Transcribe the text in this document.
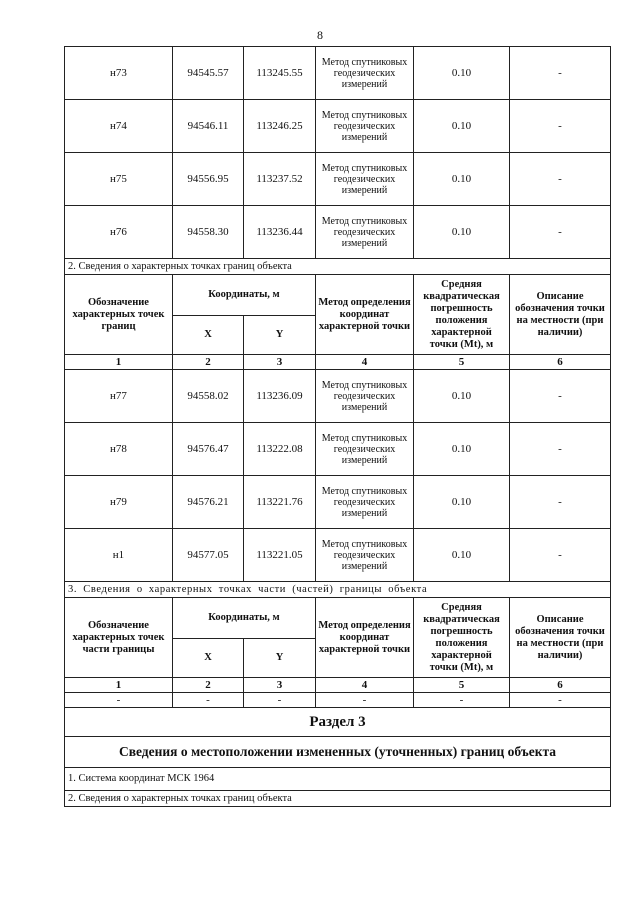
8
н73	94545.57	113245.55	Метод спутниковых геодезических измерений	0.10	-
н74	94546.11	113246.25	Метод спутниковых геодезических измерений	0.10	-
н75	94556.95	113237.52	Метод спутниковых геодезических измерений	0.10	-
н76	94558.30	113236.44	Метод спутниковых геодезических измерений	0.10	-
2. Сведения о характерных точках границ объекта					
Обозначение характерных точек границ	Координаты, м		Метод определения координат характерной точки	Средняя квадратическая погрешность положения характерной точки (Mt), м	Описание обозначения точки на местности (при наличии)
	X	Y			
1	2	3	4	5	6
н77	94558.02	113236.09	Метод спутниковых геодезических измерений	0.10	-
н78	94576.47	113222.08	Метод спутниковых геодезических измерений	0.10	-
н79	94576.21	113221.76	Метод спутниковых геодезических измерений	0.10	-
н1	94577.05	113221.05	Метод спутниковых геодезических измерений	0.10	-
3. Сведения о характерных точках части (частей) границы объекта					
Обозначение характерных точек части границы	Координаты, м		Метод определения координат характерной точки	Средняя квадратическая погрешность положения характерной точки (Mt), м	Описание обозначения точки на местности (при наличии)
	X	Y			
1	2	3	4	5	6
-	-	-	-	-	-
Раздел 3					
Сведения о местоположении измененных (уточненных) границ объекта					
1. Система координат МСК 1964					
2. Сведения о характерных точках границ объекта					
